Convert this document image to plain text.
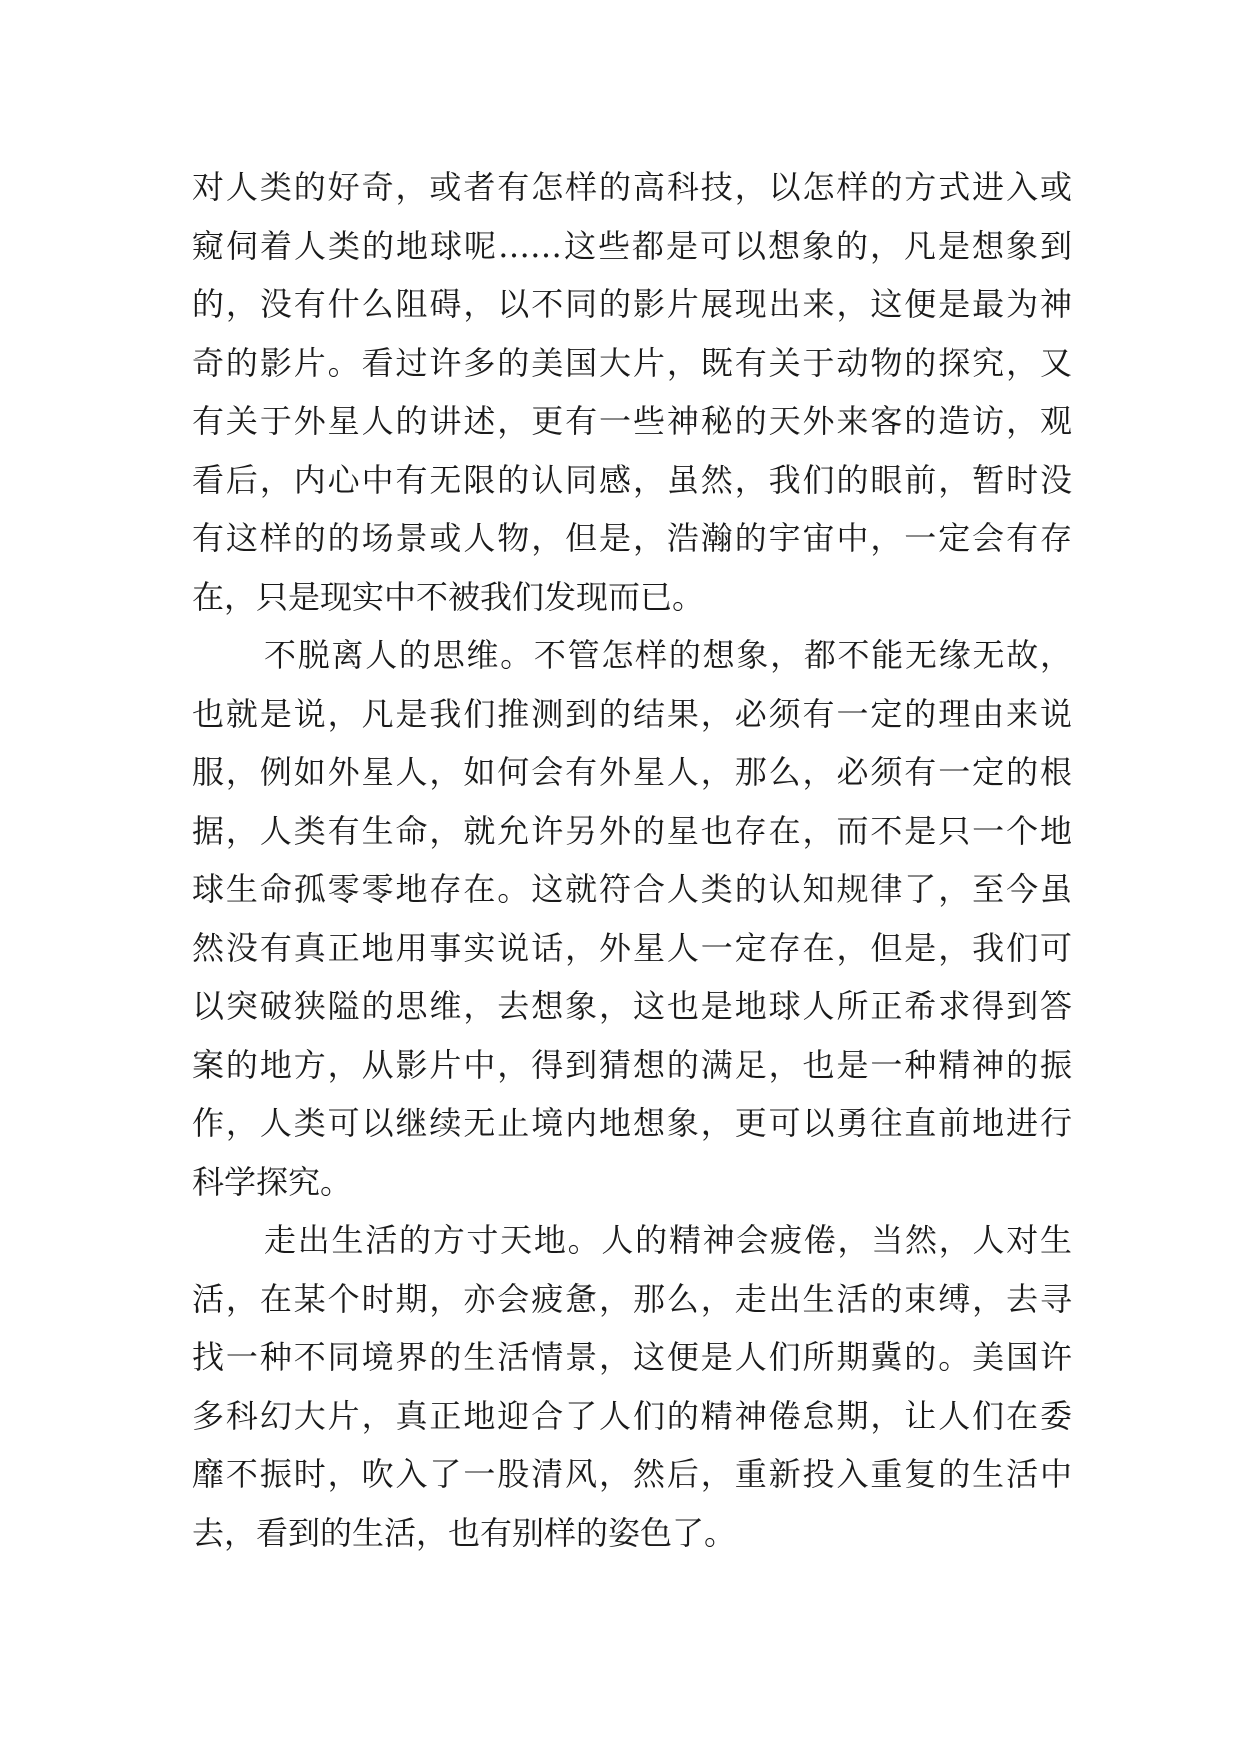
对人类的好奇，或者有怎样的高科技，以怎样的方式进入或
窥伺着人类的地球呢……这些都是可以想象的，凡是想象到
的，没有什么阻碍，以不同的影片展现出来，这便是最为神
奇的影片。看过许多的美国大片，既有关于动物的探究，又
有关于外星人的讲述，更有一些神秘的天外来客的造访，观
看后，内心中有无限的认同感，虽然，我们的眼前，暂时没
有这样的的场景或人物，但是，浩瀚的宇宙中，一定会有存
在，只是现实中不被我们发现而已。
不脱离人的思维。不管怎样的想象，都不能无缘无故，
也就是说，凡是我们推测到的结果，必须有一定的理由来说
服，例如外星人，如何会有外星人，那么，必须有一定的根
据，人类有生命，就允许另外的星也存在，而不是只一个地
球生命孤零零地存在。这就符合人类的认知规律了，至今虽
然没有真正地用事实说话，外星人一定存在，但是，我们可
以突破狭隘的思维，去想象，这也是地球人所正希求得到答
案的地方，从影片中，得到猜想的满足，也是一种精神的振
作，人类可以继续无止境内地想象，更可以勇往直前地进行
科学探究。
走出生活的方寸天地。人的精神会疲倦，当然，人对生
活，在某个时期，亦会疲惫，那么，走出生活的束缚，去寻
找一种不同境界的生活情景，这便是人们所期冀的。美国许
多科幻大片，真正地迎合了人们的精神倦怠期，让人们在委
靡不振时，吹入了一股清风，然后，重新投入重复的生活中
去，看到的生活，也有别样的姿色了。
